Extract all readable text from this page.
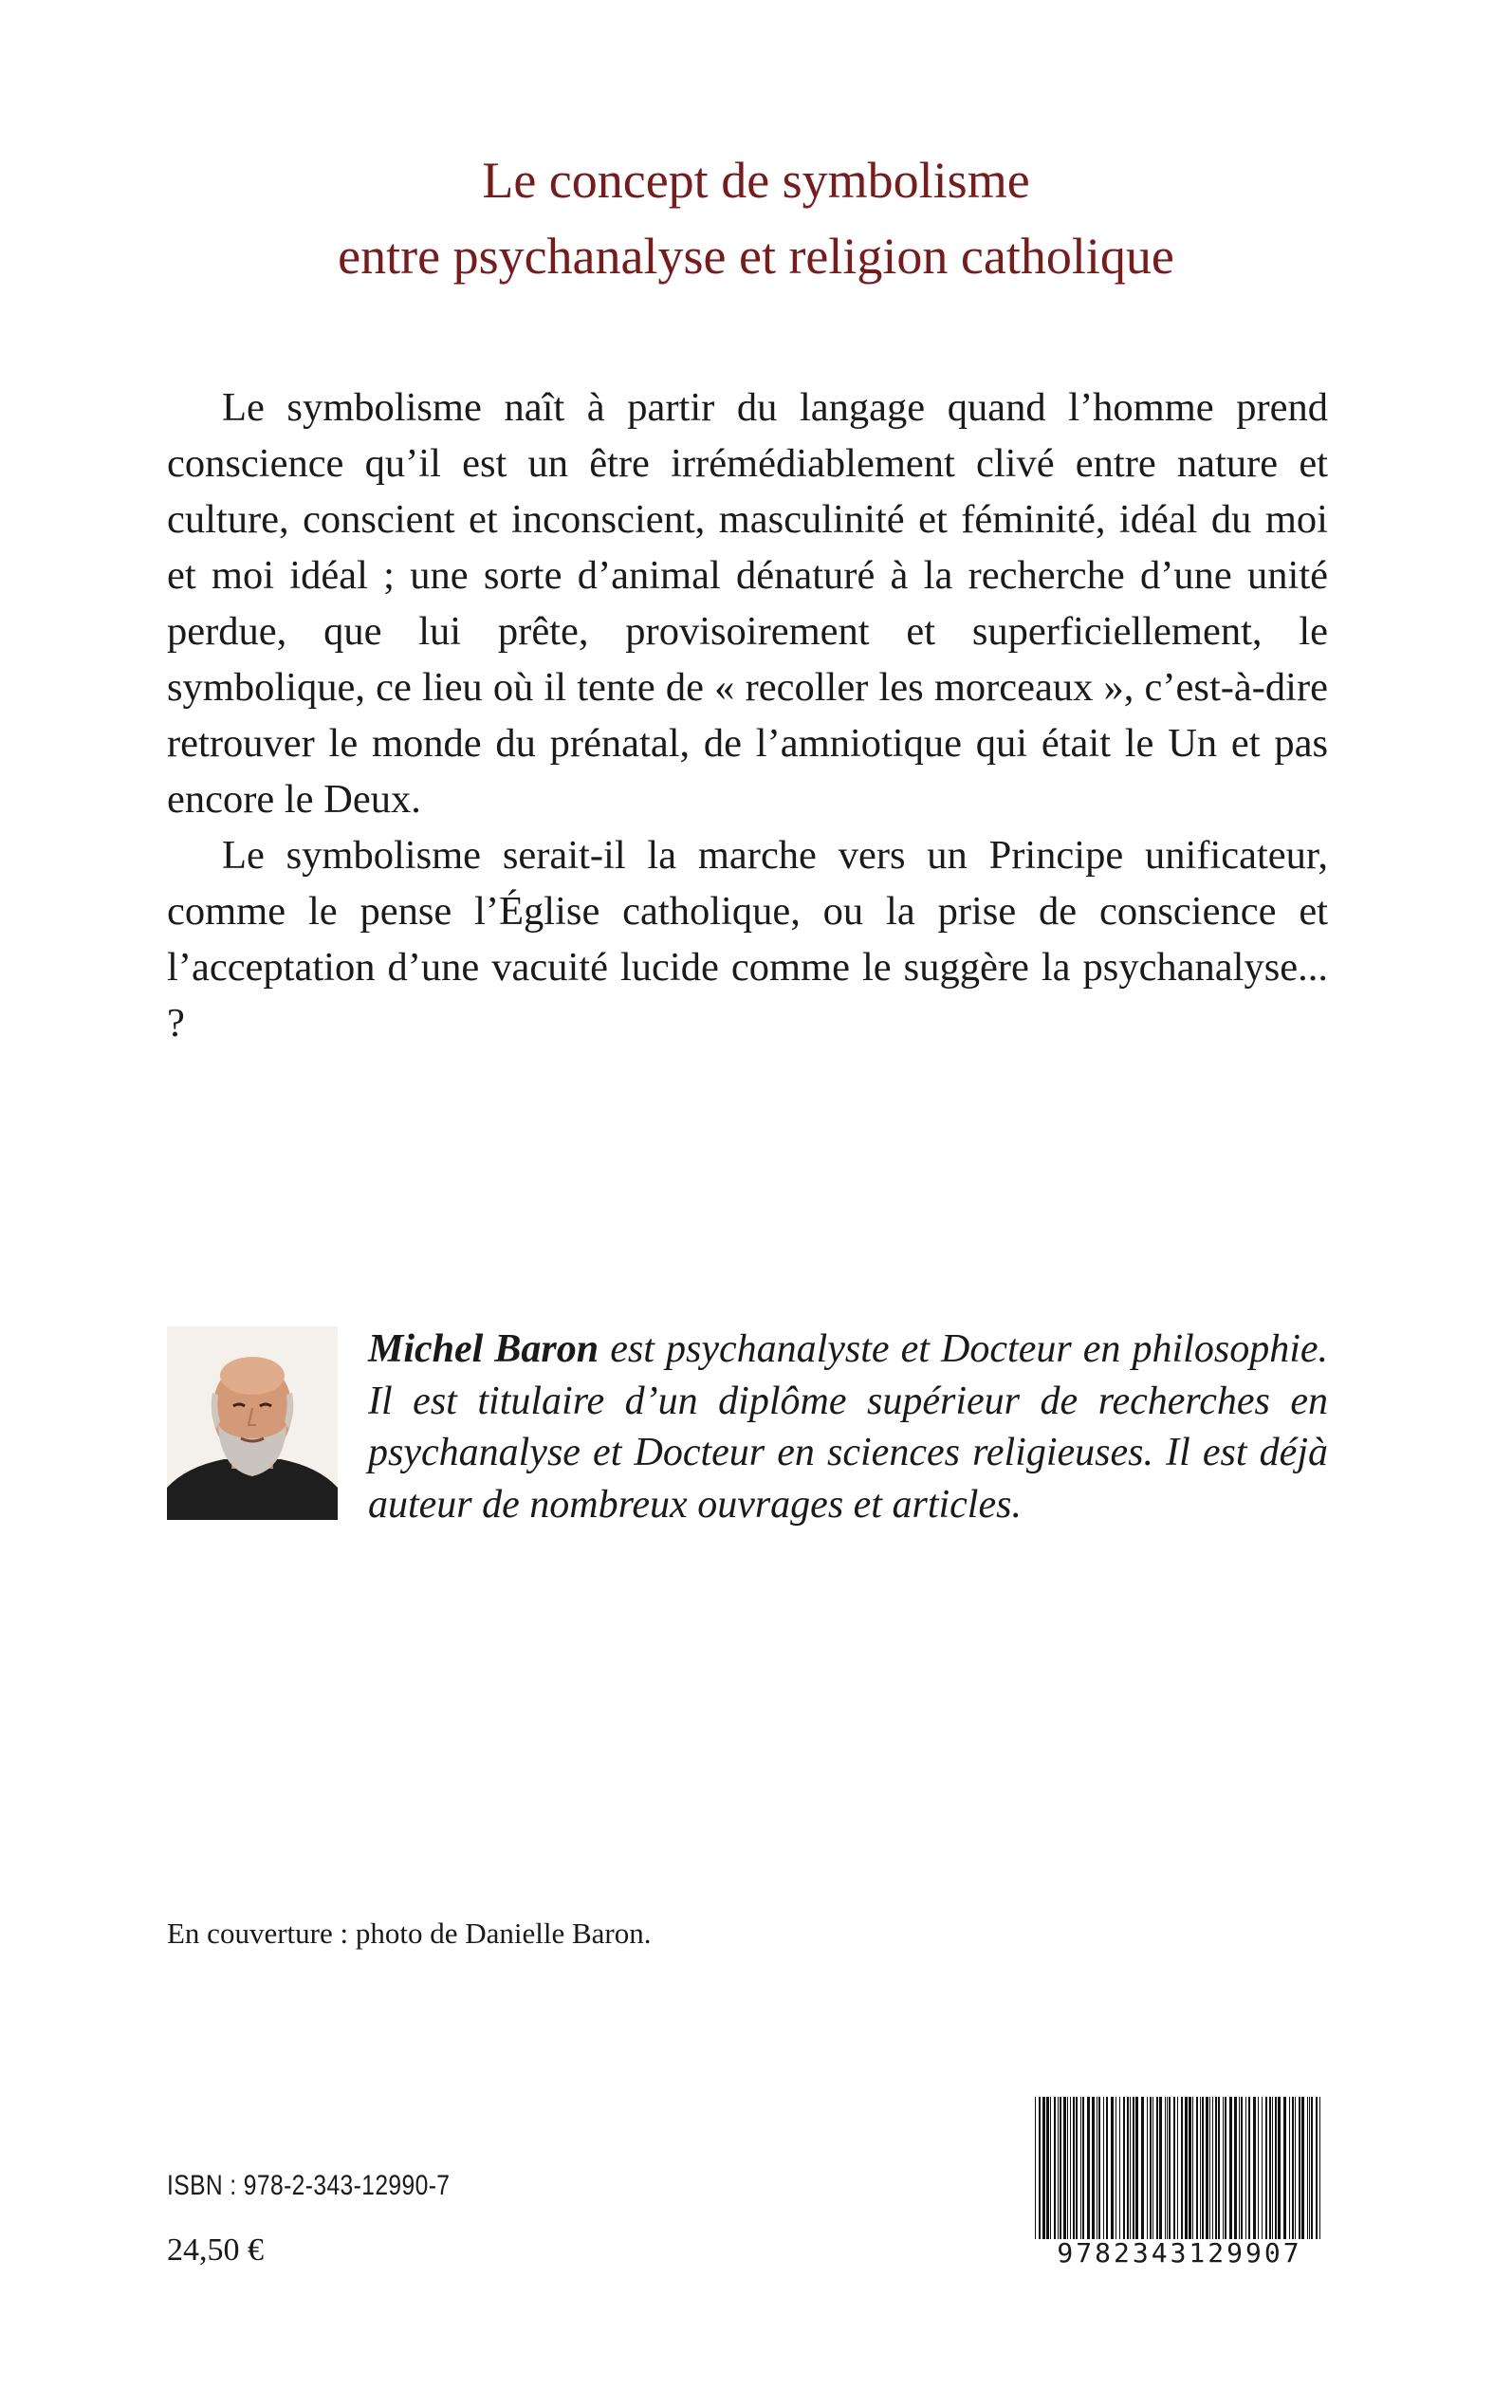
Le concept de symbolisme
entre psychanalyse et religion catholique

Le symbolisme naît à partir du langage quand l’homme prend conscience qu’il est un être irrémédiablement clivé entre nature et culture, conscient et inconscient, masculinité et féminité, idéal du moi et moi idéal ; une sorte d’animal dénaturé à la recherche d’une unité perdue, que lui prête, provisoirement et superficiellement, le symbolique, ce lieu où il tente de « recoller les morceaux », c’est-à-dire retrouver le monde du prénatal, de l’amniotique qui était le Un et pas encore le Deux.

Le symbolisme serait-il la marche vers un Principe unificateur, comme le pense l’Église catholique, ou la prise de conscience et l’acceptation d’une vacuité lucide comme le suggère la psychanalyse... ?

Michel Baron est psychanalyste et Docteur en philosophie. Il est titulaire d’un diplôme supérieur de recherches en psychanalyse et Docteur en sciences religieuses. Il est déjà auteur de nombreux ouvrages et articles.

En couverture : photo de Danielle Baron.

ISBN : 978-2-343-12990-7

24,50 €	9782343129907
